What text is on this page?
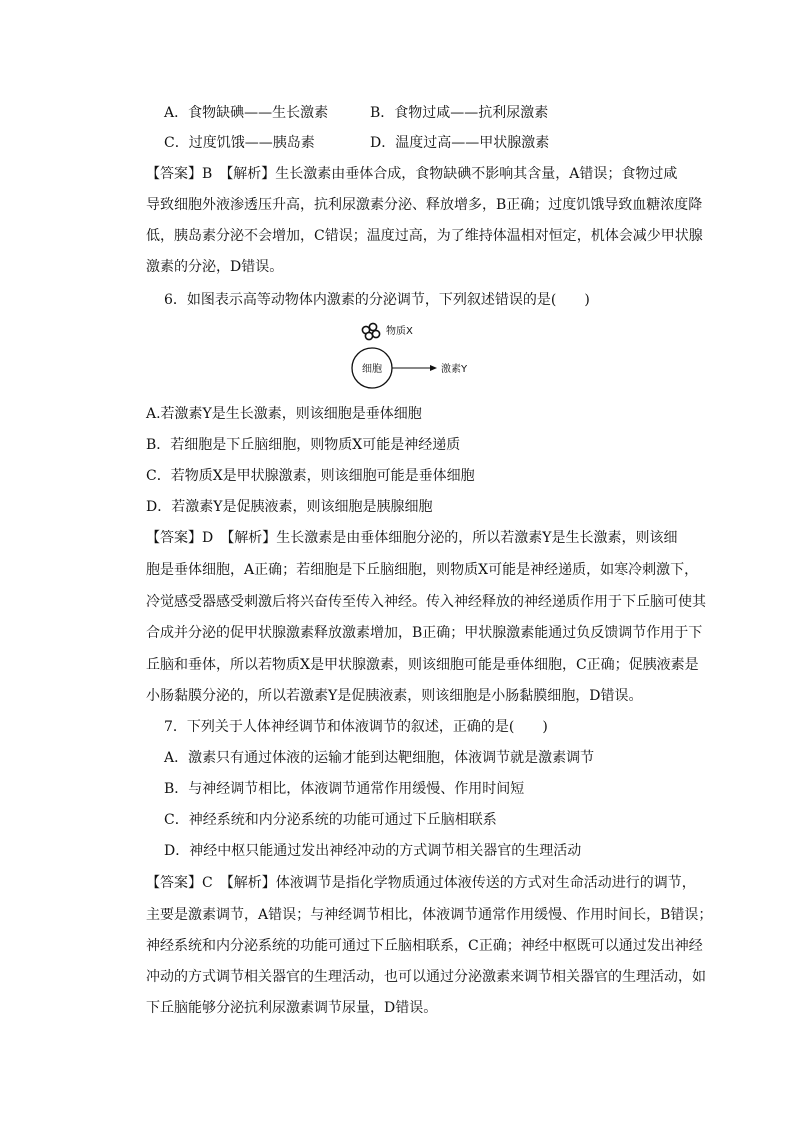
A．食物缺碘——生长激素	B．食物过咸——抗利尿激素
C．过度饥饿——胰岛素	D．温度过高——甲状腺激素
【答案】B　【解析】生长激素由垂体合成，食物缺碘不影响其含量，A错误；食物过咸
导致细胞外液渗透压升高，抗利尿激素分泌、释放增多，B正确；过度饥饿导致血糖浓度降
低，胰岛素分泌不会增加，C错误；温度过高，为了维持体温相对恒定，机体会减少甲状腺
激素的分泌，D错误。
6．如图表示高等动物体内激素的分泌调节，下列叙述错误的是(　　)
物质X
细胞	激素Y
A.若激素Y是生长激素，则该细胞是垂体细胞
B．若细胞是下丘脑细胞，则物质X可能是神经递质
C．若物质X是甲状腺激素，则该细胞可能是垂体细胞
D．若激素Y是促胰液素，则该细胞是胰腺细胞
【答案】D　【解析】生长激素是由垂体细胞分泌的，所以若激素Y是生长激素，则该细
胞是垂体细胞，A正确；若细胞是下丘脑细胞，则物质X可能是神经递质，如寒冷刺激下，
冷觉感受器感受刺激后将兴奋传至传入神经。传入神经释放的神经递质作用于下丘脑可使其
合成并分泌的促甲状腺激素释放激素增加，B正确；甲状腺激素能通过负反馈调节作用于下
丘脑和垂体，所以若物质X是甲状腺激素，则该细胞可能是垂体细胞，C正确；促胰液素是
小肠黏膜分泌的，所以若激素Y是促胰液素，则该细胞是小肠黏膜细胞，D错误。
7．下列关于人体神经调节和体液调节的叙述，正确的是(　　)
A．激素只有通过体液的运输才能到达靶细胞，体液调节就是激素调节
B．与神经调节相比，体液调节通常作用缓慢、作用时间短
C．神经系统和内分泌系统的功能可通过下丘脑相联系
D．神经中枢只能通过发出神经冲动的方式调节相关器官的生理活动
【答案】C　【解析】体液调节是指化学物质通过体液传送的方式对生命活动进行的调节，
主要是激素调节，A错误；与神经调节相比，体液调节通常作用缓慢、作用时间长，B错误；
神经系统和内分泌系统的功能可通过下丘脑相联系，C正确；神经中枢既可以通过发出神经
冲动的方式调节相关器官的生理活动，也可以通过分泌激素来调节相关器官的生理活动，如
下丘脑能够分泌抗利尿激素调节尿量，D错误。
